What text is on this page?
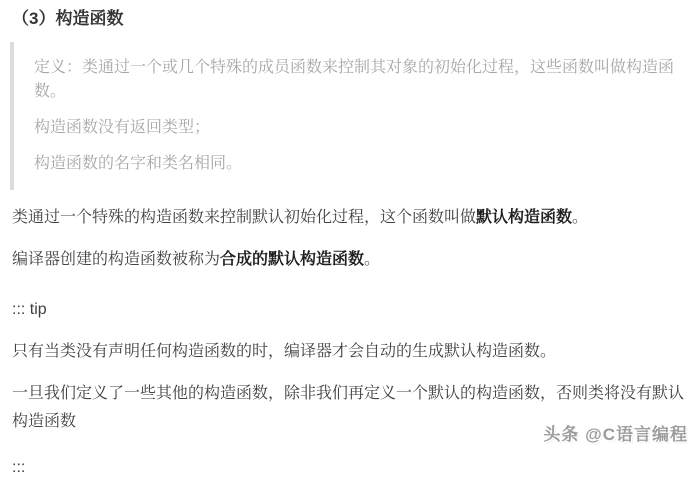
（3）构造函数

定义：类通过一个或几个特殊的成员函数来控制其对象的初始化过程，这些函数叫做构造函数。

构造函数没有返回类型；

构造函数的名字和类名相同。

类通过一个特殊的构造函数来控制默认初始化过程，这个函数叫做默认构造函数。

编译器创建的构造函数被称为合成的默认构造函数。

::: tip

只有当类没有声明任何构造函数的时，编译器才会自动的生成默认构造函数。

一旦我们定义了一些其他的构造函数，除非我们再定义一个默认的构造函数，否则类将没有默认构造函数

:::

头条 @C语言编程
